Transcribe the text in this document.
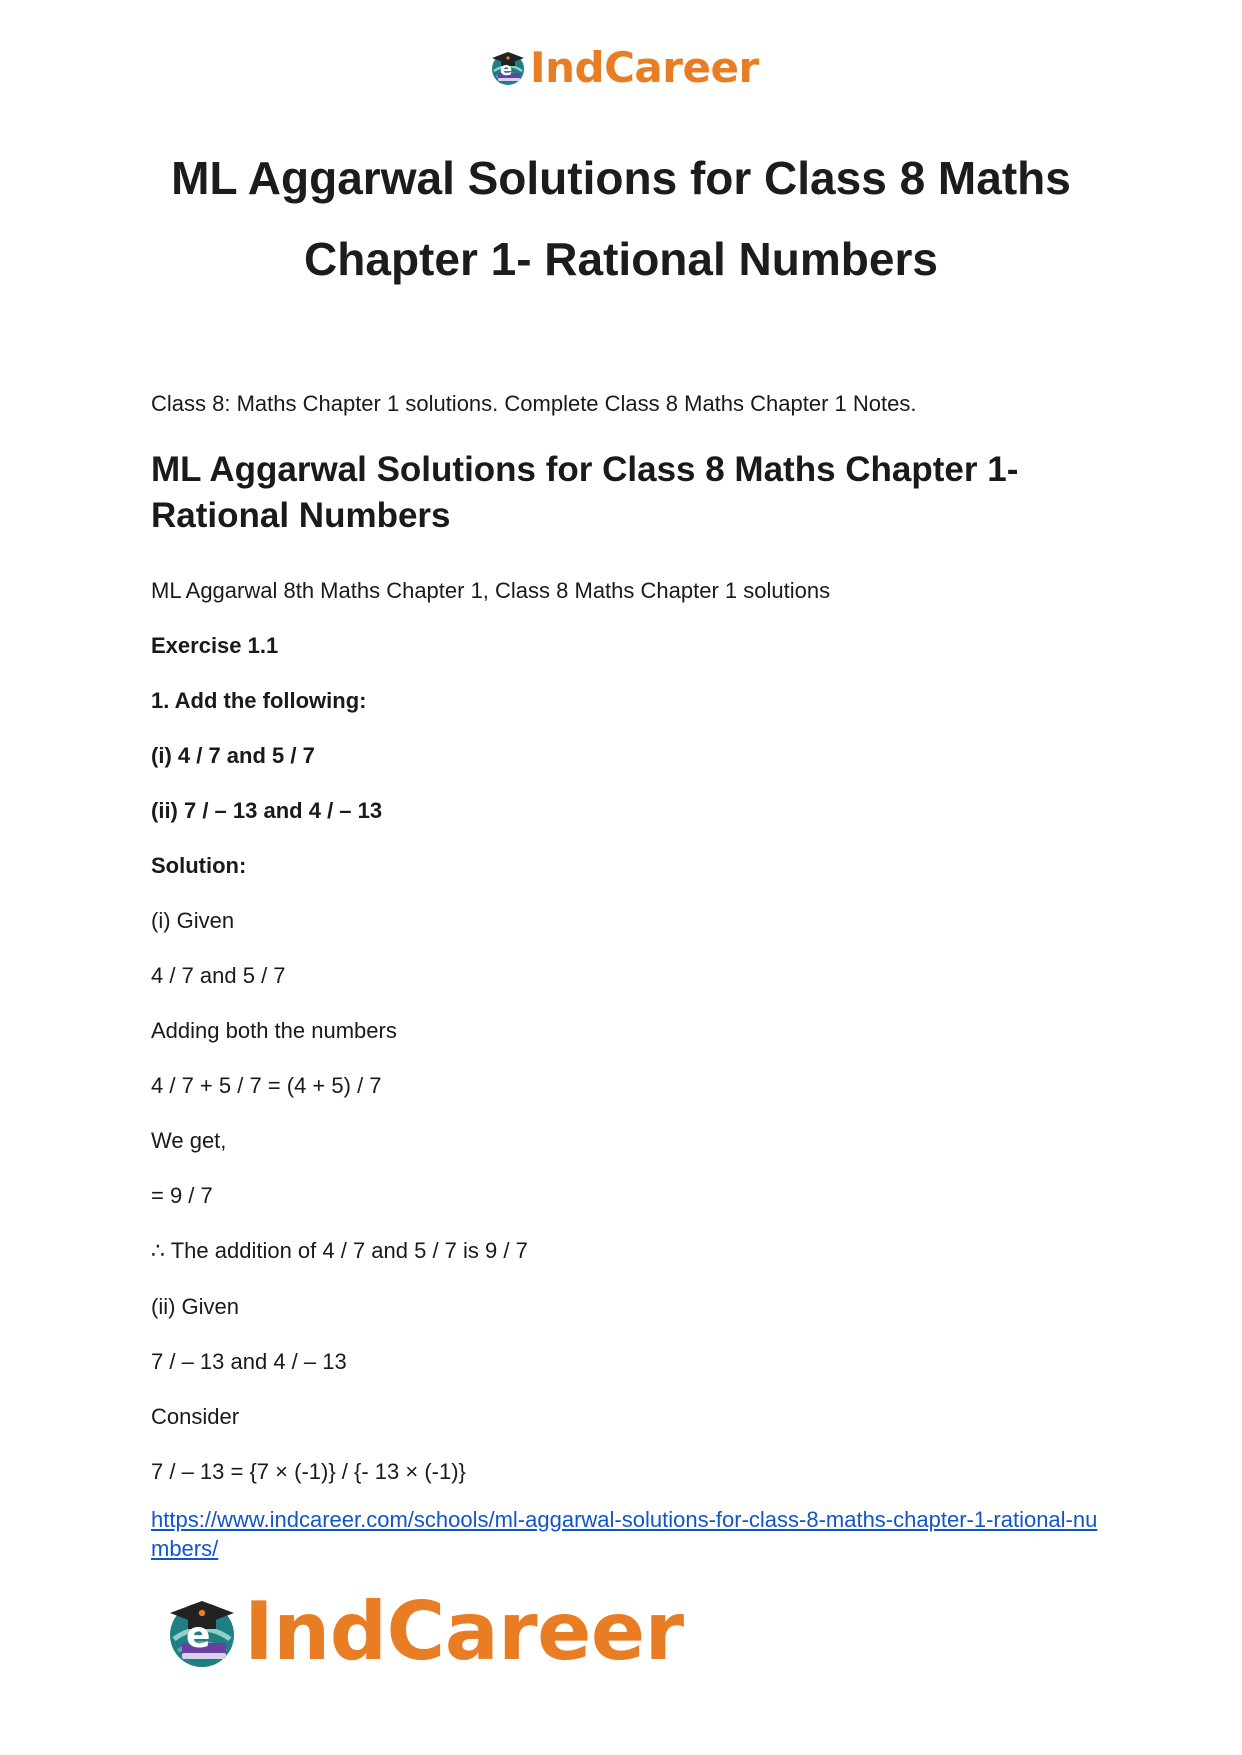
e IndCareer
ML Aggarwal Solutions for Class 8 Maths
Chapter 1- Rational Numbers
Class 8: Maths Chapter 1 solutions. Complete Class 8 Maths Chapter 1 Notes.
ML Aggarwal Solutions for Class 8 Maths Chapter 1- Rational Numbers
ML Aggarwal 8th Maths Chapter 1, Class 8 Maths Chapter 1 solutions
Exercise 1.1
1. Add the following:
(i) 4 / 7 and 5 / 7
(ii) 7 / – 13 and 4 / – 13
Solution:
(i) Given
4 / 7 and 5 / 7
Adding both the numbers
4 / 7 + 5 / 7 = (4 + 5) / 7
We get,
= 9 / 7
∴ The addition of 4 / 7 and 5 / 7 is 9 / 7
(ii) Given
7 / – 13 and 4 / – 13
Consider
7 / – 13 = {7 × (-1)} / {- 13 × (-1)}
https://www.indcareer.com/schools/ml-aggarwal-solutions-for-class-8-maths-chapter-1-rational-numbers/
e IndCareer
